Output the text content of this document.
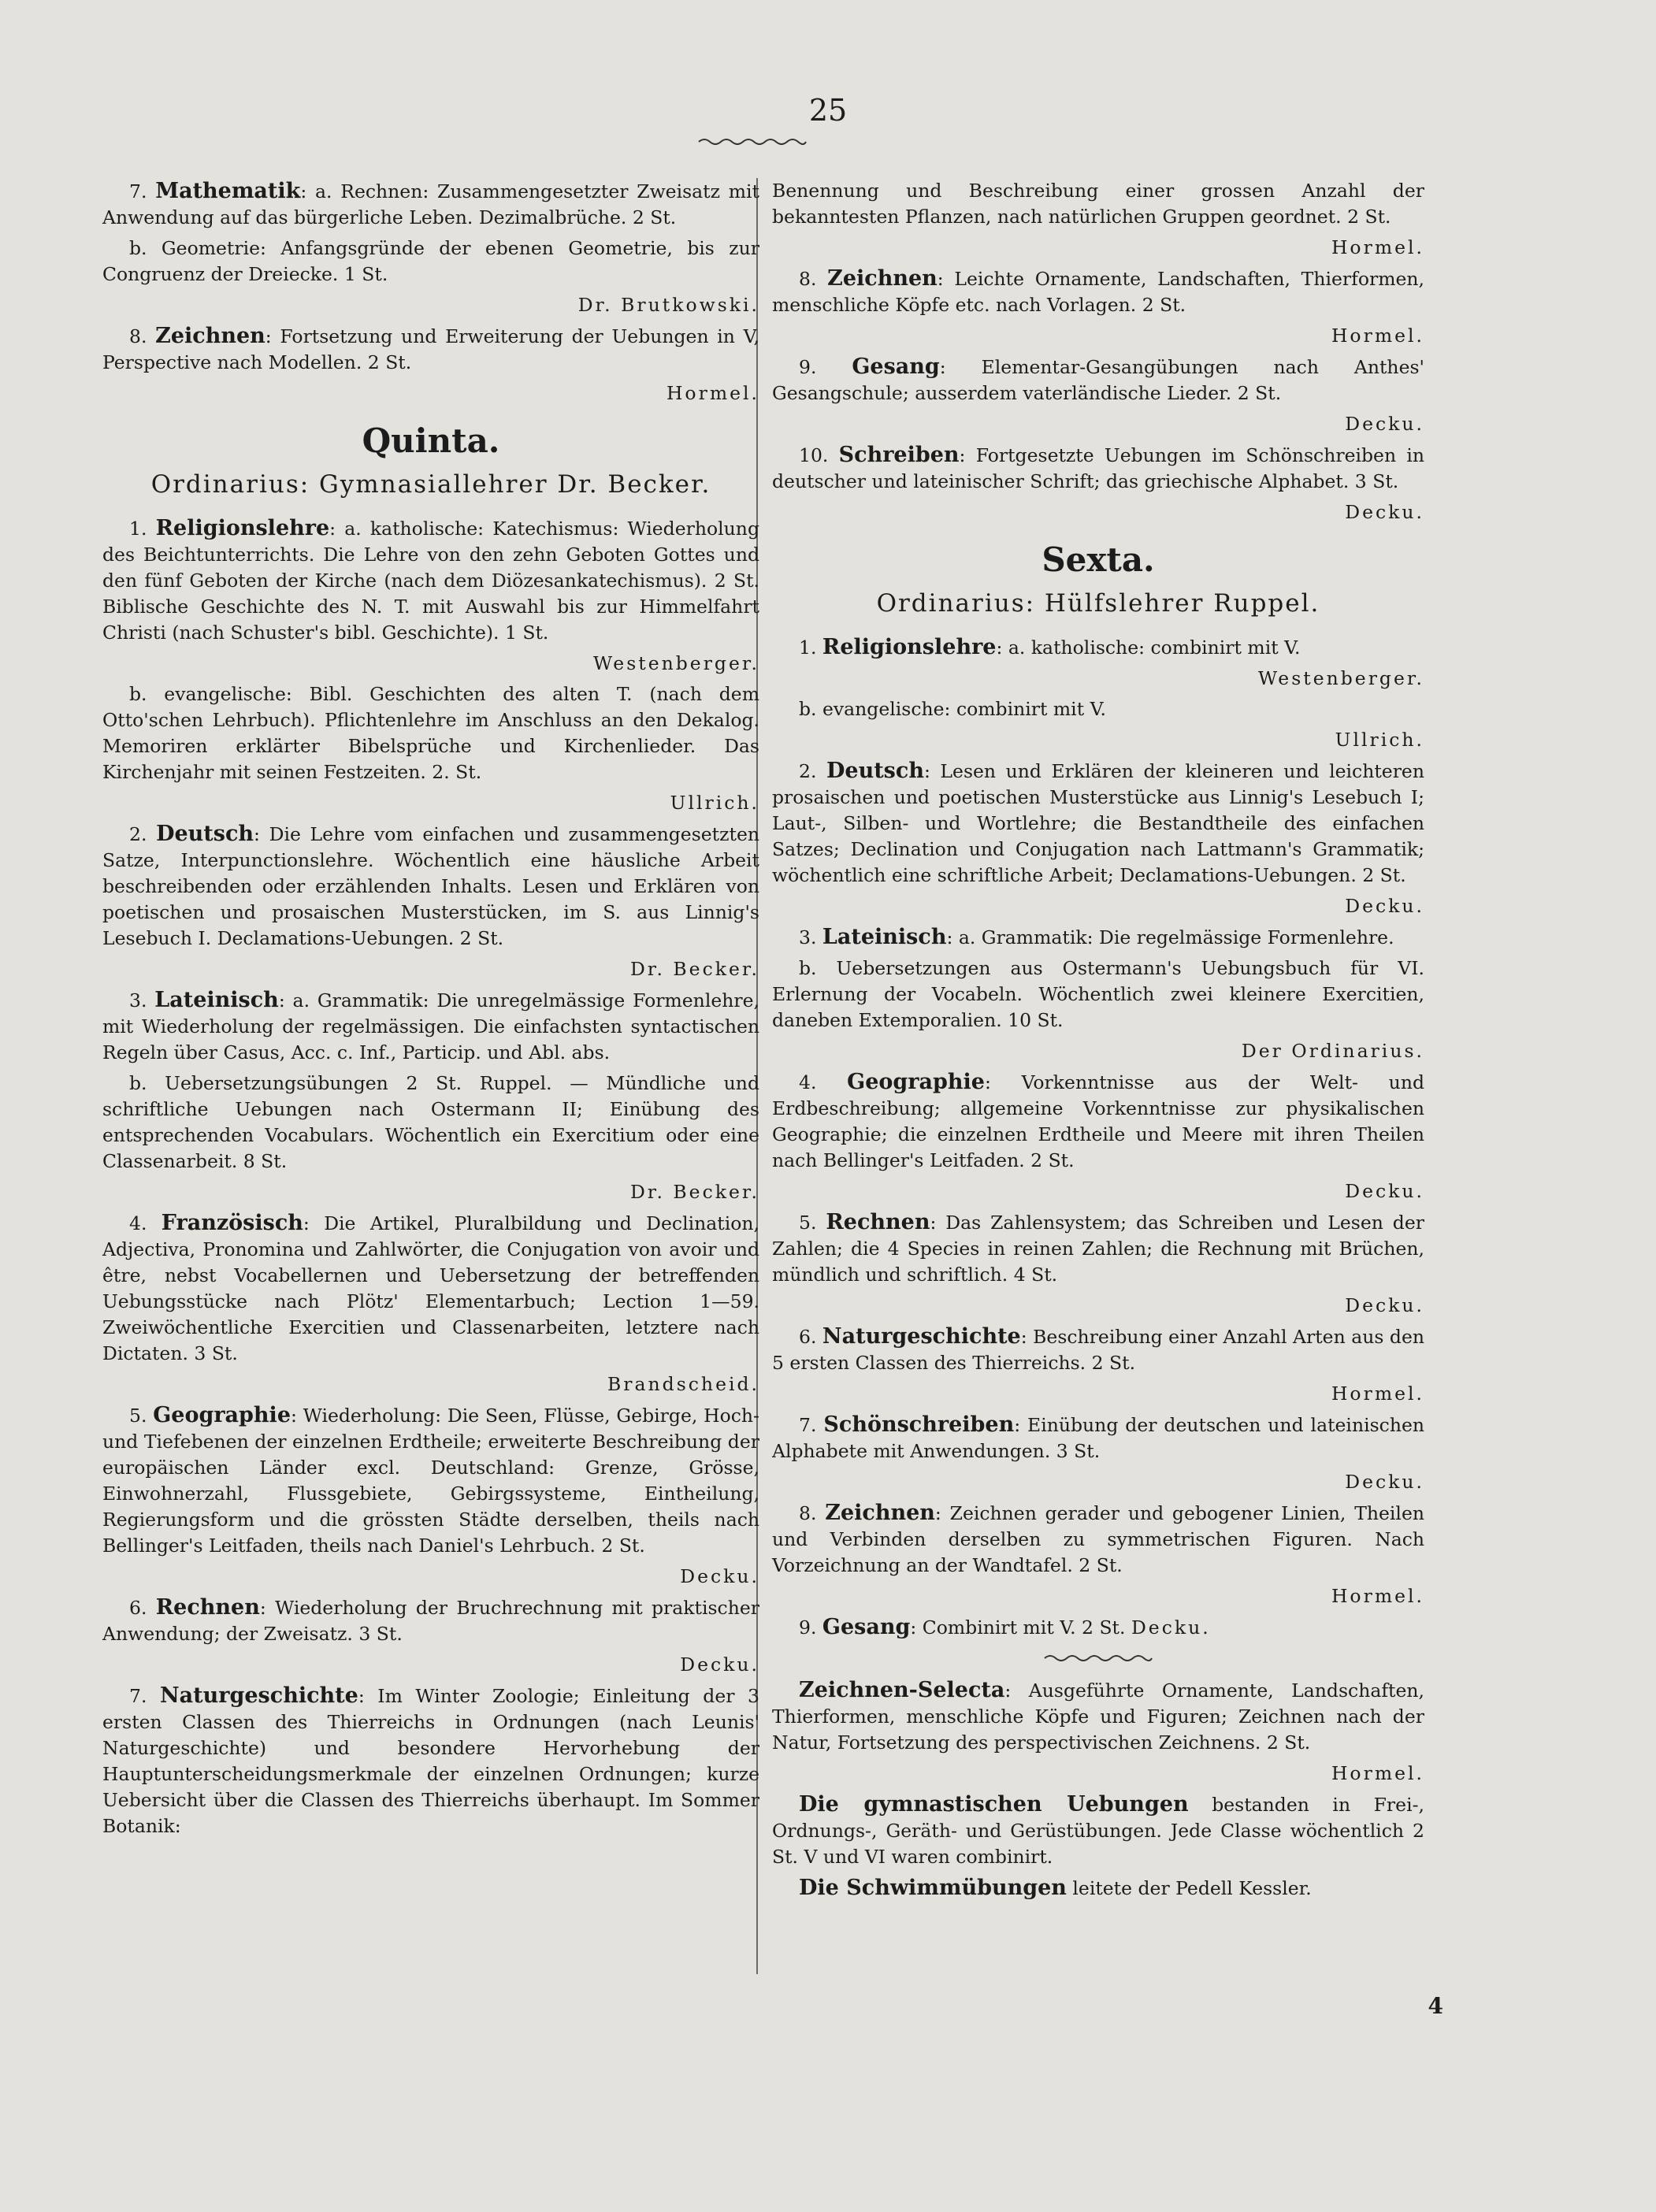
25

7. Mathematik: a. Rechnen: Zusammengesetzter Zweisatz mit Anwendung auf das bürgerliche Leben. Dezimalbrüche. 2 St.

b. Geometrie: Anfangsgründe der ebenen Geometrie, bis zur Congruenz der Dreiecke. 1 St.

Dr. Brutkowski.

8. Zeichnen: Fortsetzung und Erweiterung der Uebungen in V, Perspective nach Modellen. 2 St.

Hormel.

Quinta.
Ordinarius: Gymnasiallehrer Dr. Becker.

1. Religionslehre: a. katholische: Katechismus: Wiederholung des Beichtunterrichts. Die Lehre von den zehn Geboten Gottes und den fünf Geboten der Kirche (nach dem Diözesankatechismus). 2 St. Biblische Geschichte des N. T. mit Auswahl bis zur Himmelfahrt Christi (nach Schuster's bibl. Geschichte). 1 St.

Westenberger.

b. evangelische: Bibl. Geschichten des alten T. (nach dem Otto'schen Lehrbuch). Pflichtenlehre im Anschluss an den Dekalog. Memoriren erklärter Bibelsprüche und Kirchenlieder. Das Kirchenjahr mit seinen Festzeiten. 2. St.

Ullrich.

2. Deutsch: Die Lehre vom einfachen und zusammengesetzten Satze, Interpunctionslehre. Wöchentlich eine häusliche Arbeit beschreibenden oder erzählenden Inhalts. Lesen und Erklären von poetischen und prosaischen Musterstücken, im S. aus Linnig's Lesebuch I. Declamations-Uebungen. 2 St.

Dr. Becker.

3. Lateinisch: a. Grammatik: Die unregelmässige Formenlehre, mit Wiederholung der regelmässigen. Die einfachsten syntactischen Regeln über Casus, Acc. c. Inf., Particip. und Abl. abs.

b. Uebersetzungsübungen 2 St. Ruppel. — Mündliche und schriftliche Uebungen nach Ostermann II; Einübung des entsprechenden Vocabulars. Wöchentlich ein Exercitium oder eine Classenarbeit. 8 St.

Dr. Becker.

4. Französisch: Die Artikel, Pluralbildung und Declination, Adjectiva, Pronomina und Zahlwörter, die Conjugation von avoir und être, nebst Vocabellernen und Uebersetzung der betreffenden Uebungsstücke nach Plötz' Elementarbuch; Lection 1—59. Zweiwöchentliche Exercitien und Classenarbeiten, letztere nach Dictaten. 3 St.

Brandscheid.

5. Geographie: Wiederholung: Die Seen, Flüsse, Gebirge, Hoch- und Tiefebenen der einzelnen Erdtheile; erweiterte Beschreibung der europäischen Länder excl. Deutschland: Grenze, Grösse, Einwohnerzahl, Flussgebiete, Gebirgssysteme, Eintheilung, Regierungsform und die grössten Städte derselben, theils nach Bellinger's Leitfaden, theils nach Daniel's Lehrbuch. 2 St.

Decku.

6. Rechnen: Wiederholung der Bruchrechnung mit praktischer Anwendung; der Zweisatz. 3 St.

Decku.

7. Naturgeschichte: Im Winter Zoologie; Einleitung der 3 ersten Classen des Thierreichs in Ordnungen (nach Leunis' Naturgeschichte) und besondere Hervorhebung der Hauptunterscheidungsmerkmale der einzelnen Ordnungen; kurze Uebersicht über die Classen des Thierreichs überhaupt. Im Sommer Botanik:

Benennung und Beschreibung einer grossen Anzahl der bekanntesten Pflanzen, nach natürlichen Gruppen geordnet. 2 St.

Hormel.

8. Zeichnen: Leichte Ornamente, Landschaften, Thierformen, menschliche Köpfe etc. nach Vorlagen. 2 St.

Hormel.

9. Gesang: Elementar-Gesangübungen nach Anthes' Gesangschule; ausserdem vaterländische Lieder. 2 St.

Decku.

10. Schreiben: Fortgesetzte Uebungen im Schönschreiben in deutscher und lateinischer Schrift; das griechische Alphabet. 3 St.

Decku.

Sexta.
Ordinarius: Hülfslehrer Ruppel.

1. Religionslehre: a. katholische: combinirt mit V.

Westenberger.

b. evangelische: combinirt mit V.

Ullrich.

2. Deutsch: Lesen und Erklären der kleineren und leichteren prosaischen und poetischen Musterstücke aus Linnig's Lesebuch I; Laut-, Silben- und Wortlehre; die Bestandtheile des einfachen Satzes; Declination und Conjugation nach Lattmann's Grammatik; wöchentlich eine schriftliche Arbeit; Declamations-Uebungen. 2 St.

Decku.

3. Lateinisch: a. Grammatik: Die regelmässige Formenlehre.

b. Uebersetzungen aus Ostermann's Uebungsbuch für VI. Erlernung der Vocabeln. Wöchentlich zwei kleinere Exercitien, daneben Extemporalien. 10 St.

Der Ordinarius.

4. Geographie: Vorkenntnisse aus der Welt- und Erdbeschreibung; allgemeine Vorkenntnisse zur physikalischen Geographie; die einzelnen Erdtheile und Meere mit ihren Theilen nach Bellinger's Leitfaden. 2 St.

Decku.

5. Rechnen: Das Zahlensystem; das Schreiben und Lesen der Zahlen; die 4 Species in reinen Zahlen; die Rechnung mit Brüchen, mündlich und schriftlich. 4 St.

Decku.

6. Naturgeschichte: Beschreibung einer Anzahl Arten aus den 5 ersten Classen des Thierreichs. 2 St.

Hormel.

7. Schönschreiben: Einübung der deutschen und lateinischen Alphabete mit Anwendungen. 3 St.

Decku.

8. Zeichnen: Zeichnen gerader und gebogener Linien, Theilen und Verbinden derselben zu symmetrischen Figuren. Nach Vorzeichnung an der Wandtafel. 2 St.

Hormel.

9. Gesang: Combinirt mit V. 2 St. Decku.

Zeichnen-Selecta: Ausgeführte Ornamente, Landschaften, Thierformen, menschliche Köpfe und Figuren; Zeichnen nach der Natur, Fortsetzung des perspectivischen Zeichnens. 2 St.

Hormel.

Die gymnastischen Uebungen bestanden in Frei-, Ordnungs-, Geräth- und Gerüstübungen. Jede Classe wöchentlich 2 St. V und VI waren combinirt.

Die Schwimmübungen leitete der Pedell Kessler.

4
